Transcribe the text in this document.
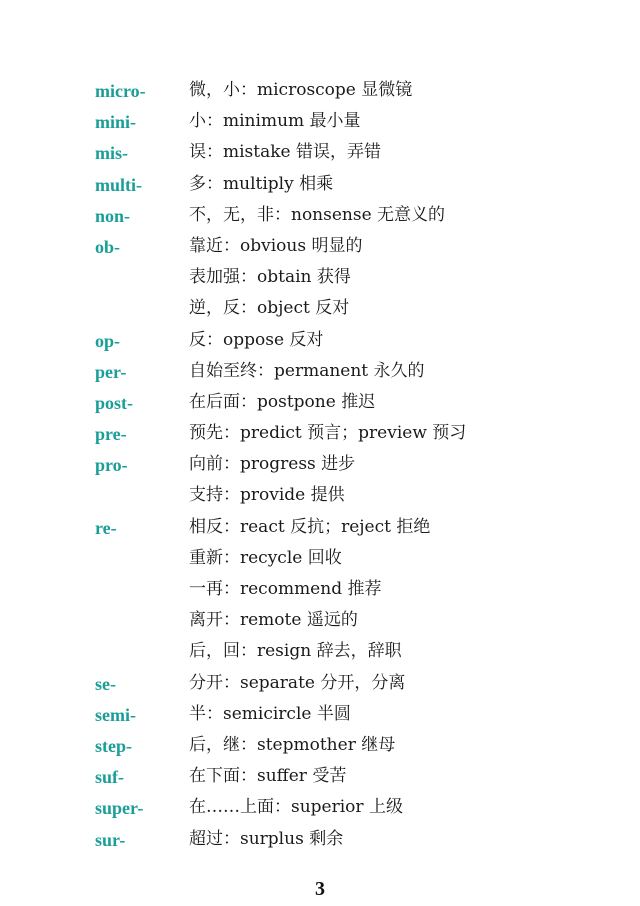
micro-	微，小：microscope 显微镜
mini-	小：minimum 最小量
mis-	误：mistake 错误，弄错
multi-	多：multiply 相乘
non-	不，无，非：nonsense 无意义的
ob-	靠近：obvious 明显的
表加强：obtain 获得
逆，反：object 反对
op-	反：oppose 反对
per-	自始至终：permanent 永久的
post-	在后面：postpone 推迟
pre-	预先：predict 预言；preview 预习
pro-	向前：progress 进步
支持：provide 提供
re-	相反：react 反抗；reject 拒绝
重新：recycle 回收
一再：recommend 推荐
离开：remote 遥远的
后，回：resign 辞去，辞职
se-	分开：separate 分开，分离
semi-	半：semicircle 半圆
step-	后，继：stepmother 继母
suf-	在下面：suffer 受苦
super-	在……上面：superior 上级
sur-	超过：surplus 剩余
3
